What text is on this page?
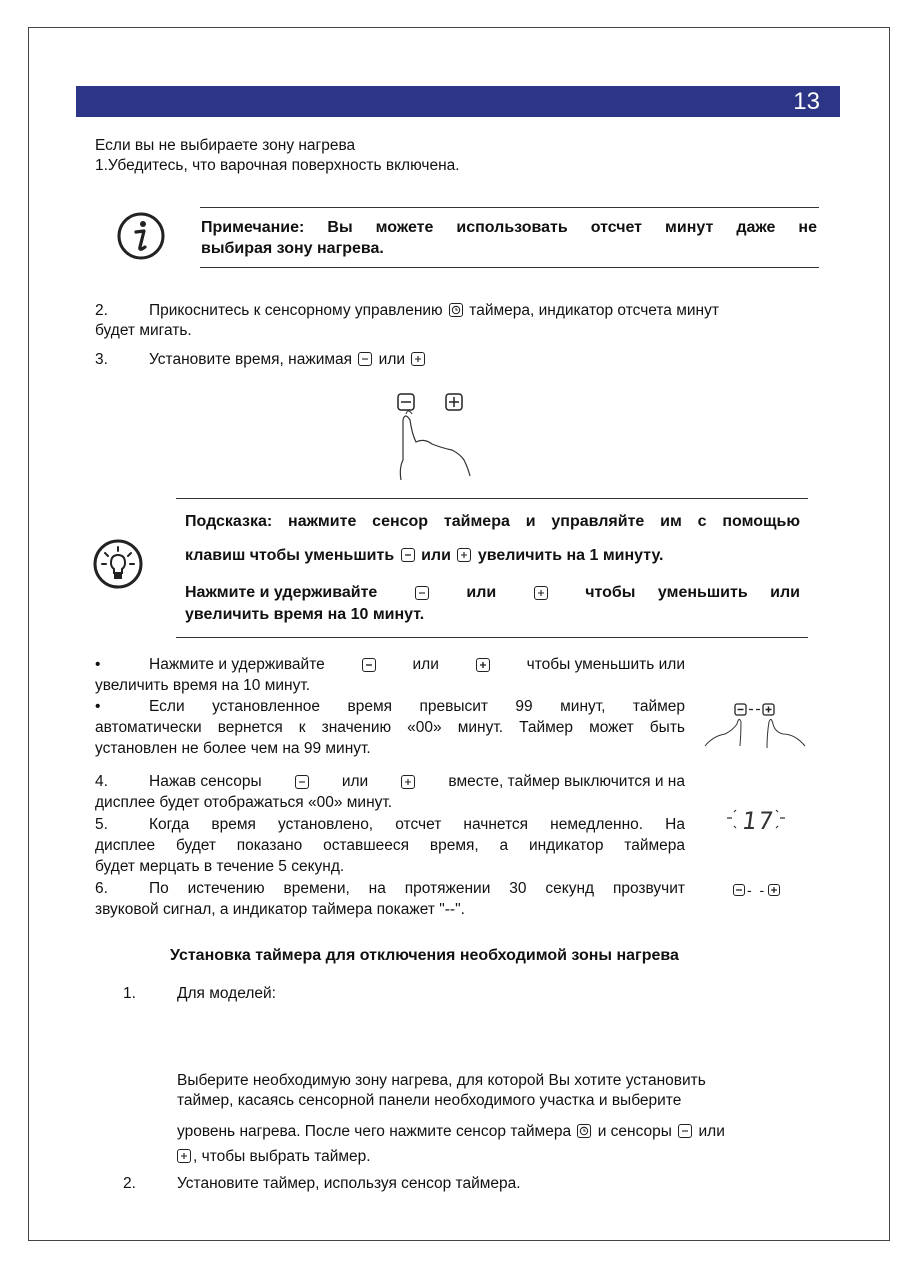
13
Если вы не выбираете зону нагрева
1.Убедитесь, что варочная поверхность включена.
Примечание: Вы можете использовать отсчет минут даже не
выбирая зону нагрева.
2.	Прикоснитесь к сенсорному управлению таймера, индикатор отсчета минут
будет мигать.
3.	Установите время, нажимая или
Подсказка: нажмите сенсор таймера и управляйте им с помощью
клавиш чтобы уменьшить или увеличить на 1 минуту.
Нажмите и удерживайте	или	чтобы уменьшить или
увеличить время на 10 минут.
•	Нажмите и удерживайте	или	чтобы уменьшить или
увеличить время на 10 минут.
•	Если установленное время превысит 99 минут, таймер
автоматически вернется к значению «00» минут. Таймер может быть
установлен не более чем на 99 минут.
4.	Нажав сенсоры	или	вместе, таймер выключится и на
дисплее будет отображаться «00» минут.
5.	Когда время установлено, отсчет начнется немедленно. На
дисплее будет показано оставшееся время, а индикатор таймера
будет мерцать в течение 5 секунд.
6.	По истечению времени, на протяжении 30 секунд прозвучит
звуковой сигнал, а индикатор таймера покажет "--".
17
- -
Установка таймера для отключения необходимой зоны нагрева
1.	Для моделей:
Выберите необходимую зону нагрева, для которой Вы хотите установить
таймер, касаясь сенсорной панели необходимого участка и выберите
уровень нагрева. После чего нажмите сенсор таймера и сенсоры или
, чтобы выбрать таймер.
2.	Установите таймер, используя сенсор таймера.
